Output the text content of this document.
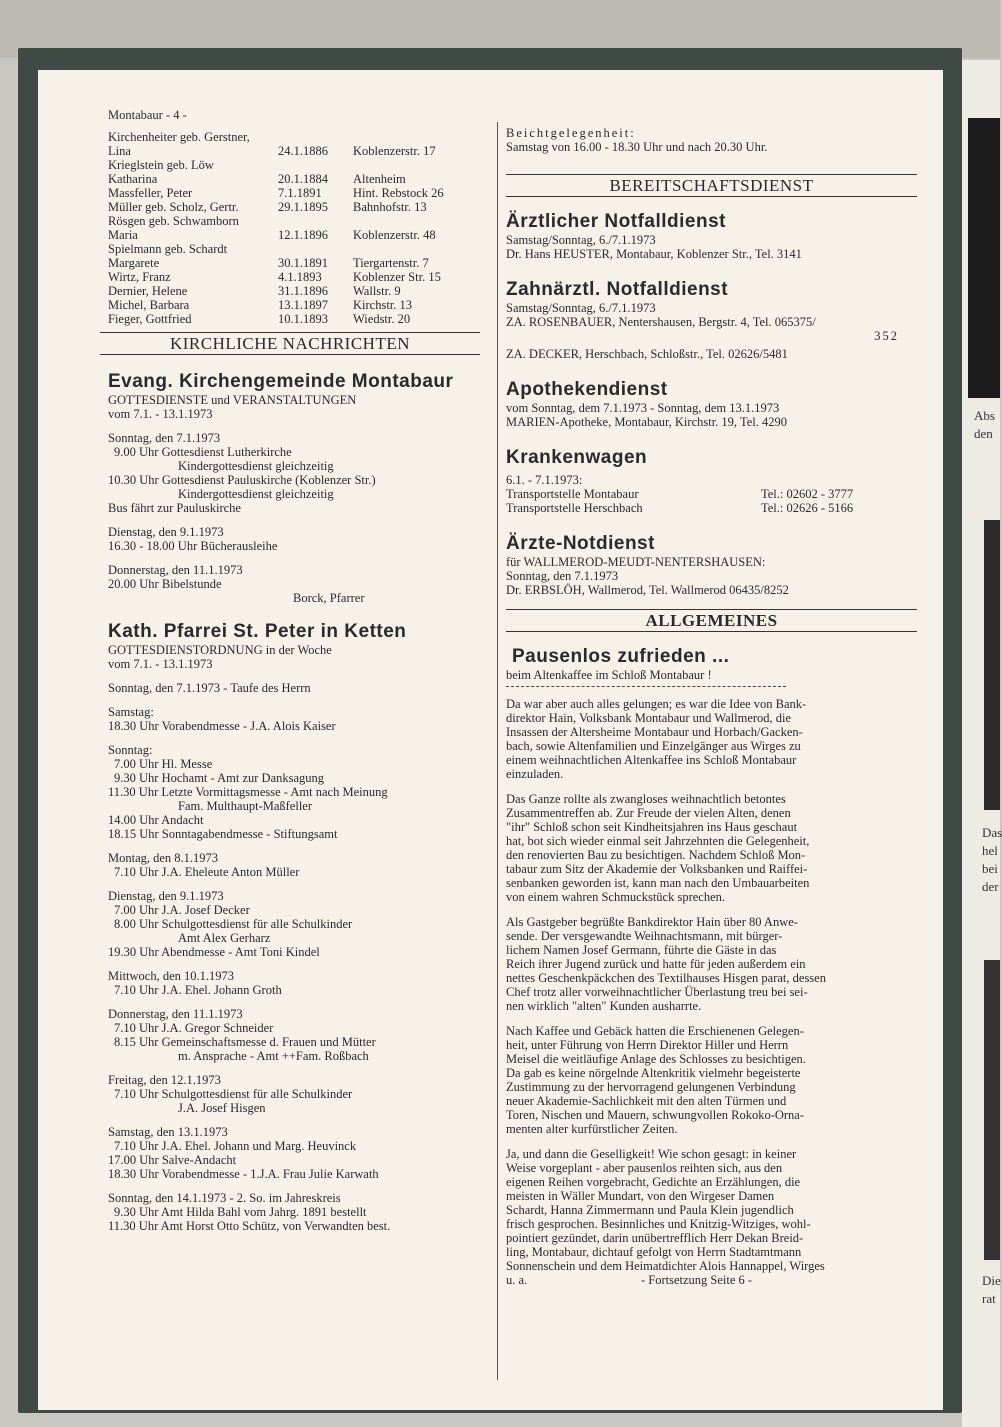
Abs
den
Das
hel
bei
der
Die
rat
Montabaur - 4 -
Kirchenheiter geb. Gerstner,
Lina	24.1.1886 Koblenzerstr. 17
Krieglstein geb. Löw
Katharina	20.1.1884 Altenheim
Massfeller, Peter	7.1.1891	Hint. Rebstock 26
Müller geb. Scholz, Gertr.	29.1.1895 Bahnhofstr. 13
Rösgen geb. Schwamborn
Maria	12.1.1896 Koblenzerstr. 48
Spielmann geb. Schardt
Margarete	30.1.1891 Tiergartenstr. 7
Wirtz, Franz	4.1.1893	Koblenzer Str. 15
Dernier, Helene	31.1.1896 Wallstr. 9
Michel, Barbara	13.1.1897 Kirchstr. 13
Fieger, Gottfried	10.1.1893 Wiedstr. 20
KIRCHLICHE NACHRICHTEN
Evang. Kirchengemeinde Montabaur
GOTTESDIENSTE und VERANSTALTUNGEN
vom 7.1. - 13.1.1973
Sonntag, den 7.1.1973
9.00 Uhr Gottesdienst Lutherkirche
Kindergottesdienst gleichzeitig
10.30 Uhr Gottesdienst Pauluskirche (Koblenzer Str.)
Kindergottesdienst gleichzeitig
Bus fährt zur Pauluskirche
Dienstag, den 9.1.1973
16.30 - 18.00 Uhr Bücherausleihe
Donnerstag, den 11.1.1973
20.00 Uhr Bibelstunde
Borck, Pfarrer
Kath. Pfarrei St. Peter in Ketten
GOTTESDIENSTORDNUNG in der Woche
vom 7.1. - 13.1.1973
Sonntag, den 7.1.1973 - Taufe des Herrn
Samstag:
18.30 Uhr Vorabendmesse - J.A. Alois Kaiser
Sonntag:
7.00 Uhr Hl. Messe
9.30 Uhr Hochamt - Amt zur Danksagung
11.30 Uhr Letzte Vormittagsmesse - Amt nach Meinung
Fam. Multhaupt-Maßfeller
14.00 Uhr Andacht
18.15 Uhr Sonntagabendmesse - Stiftungsamt
Montag, den 8.1.1973
7.10 Uhr J.A. Eheleute Anton Müller
Dienstag, den 9.1.1973
7.00 Uhr J.A. Josef Decker
8.00 Uhr Schulgottesdienst für alle Schulkinder
Amt Alex Gerharz
19.30 Uhr Abendmesse - Amt Toni Kindel
Mittwoch, den 10.1.1973
7.10 Uhr J.A. Ehel. Johann Groth
Donnerstag, den 11.1.1973
7.10 Uhr J.A. Gregor Schneider
8.15 Uhr Gemeinschaftsmesse d. Frauen und Mütter
m. Ansprache - Amt ++Fam. Roßbach
Freitag, den 12.1.1973
7.10 Uhr Schulgottesdienst für alle Schulkinder
J.A. Josef Hisgen
Samstag, den 13.1.1973
7.10 Uhr J.A. Ehel. Johann und Marg. Heuvinck
17.00 Uhr Salve-Andacht
18.30 Uhr Vorabendmesse - 1.J.A. Frau Julie Karwath
Sonntag, den 14.1.1973 - 2. So. im Jahreskreis
9.30 Uhr Amt Hilda Bahl vom Jahrg. 1891 bestellt
11.30 Uhr Amt Horst Otto Schütz, von Verwandten best.
Beichtgelegenheit:
Samstag von 16.00 - 18.30 Uhr und nach 20.30 Uhr.
BEREITSCHAFTSDIENST
Ärztlicher Notfalldienst
Samstag/Sonntag, 6./7.1.1973
Dr. Hans HEUSTER, Montabaur, Koblenzer Str., Tel. 3141
Zahnärztl. Notfalldienst
Samstag/Sonntag, 6./7.1.1973
ZA. ROSENBAUER, Nentershausen, Bergstr. 4, Tel. 065375/
352
ZA. DECKER, Herschbach, Schloßstr., Tel. 02626/5481
Apothekendienst
vom Sonntag, dem 7.1.1973 - Sonntag, dem 13.1.1973
MARIEN-Apotheke, Montabaur, Kirchstr. 19, Tel. 4290
Krankenwagen
6.1. - 7.1.1973:
Transportstelle Montabaur	Tel.: 02602 - 3777
Transportstelle Herschbach	Tel.: 02626 - 5166
Ärzte-Notdienst
für WALLMEROD-MEUDT-NENTERSHAUSEN:
Sonntag, den 7.1.1973
Dr. ERBSLÖH, Wallmerod, Tel. Wallmerod 06435/8252
ALLGEMEINES
Pausenlos zufrieden ...
beim Altenkaffee im Schloß Montabaur !
Da war aber auch alles gelungen; es war die Idee von Bank-
direktor Hain, Volksbank Montabaur und Wallmerod, die
Insassen der Altersheime Montabaur und Horbach/Gacken-
bach, sowie Altenfamilien und Einzelgänger aus Wirges zu
einem weihnachtlichen Altenkaffee ins Schloß Montabaur
einzuladen.
Das Ganze rollte als zwangloses weihnachtlich betontes
Zusammentreffen ab. Zur Freude der vielen Alten, denen
"ihr" Schloß schon seit Kindheitsjahren ins Haus geschaut
hat, bot sich wieder einmal seit Jahrzehnten die Gelegenheit,
den renovierten Bau zu besichtigen. Nachdem Schloß Mon-
tabaur zum Sitz der Akademie der Volksbanken und Raiffei-
senbanken geworden ist, kann man nach den Umbauarbeiten
von einem wahren Schmuckstück sprechen.
Als Gastgeber begrüßte Bankdirektor Hain über 80 Anwe-
sende. Der versgewandte Weihnachtsmann, mit bürger-
lichem Namen Josef Germann, führte die Gäste in das
Reich ihrer Jugend zurück und hatte für jeden außerdem ein
nettes Geschenkpäckchen des Textilhauses Hisgen parat, dessen
Chef trotz aller vorweihnachtlicher Überlastung treu bei sei-
nen wirklich "alten" Kunden ausharrte.
Nach Kaffee und Gebäck hatten die Erschienenen Gelegen-
heit, unter Führung von Herrn Direktor Hiller und Herrn
Meisel die weitläufige Anlage des Schlosses zu besichtigen.
Da gab es keine nörgelnde Altenkritik vielmehr begeisterte
Zustimmung zu der hervorragend gelungenen Verbindung
neuer Akademie-Sachlichkeit mit den alten Türmen und
Toren, Nischen und Mauern, schwungvollen Rokoko-Orna-
menten alter kurfürstlicher Zeiten.
Ja, und dann die Geselligkeit! Wie schon gesagt: in keiner
Weise vorgeplant - aber pausenlos reihten sich, aus den
eigenen Reihen vorgebracht, Gedichte an Erzählungen, die
meisten in Wäller Mundart, von den Wirgeser Damen
Schardt, Hanna Zimmermann und Paula Klein jugendlich
frisch gesprochen. Besinnliches und Knitzig-Witziges, wohl-
pointiert gezündet, darin unübertrefflich Herr Dekan Breid-
ling, Montabaur, dichtauf gefolgt von Herrn Stadtamtmann
Sonnenschein und dem Heimatdichter Alois Hannappel, Wirges
u. a.	- Fortsetzung Seite 6 -
